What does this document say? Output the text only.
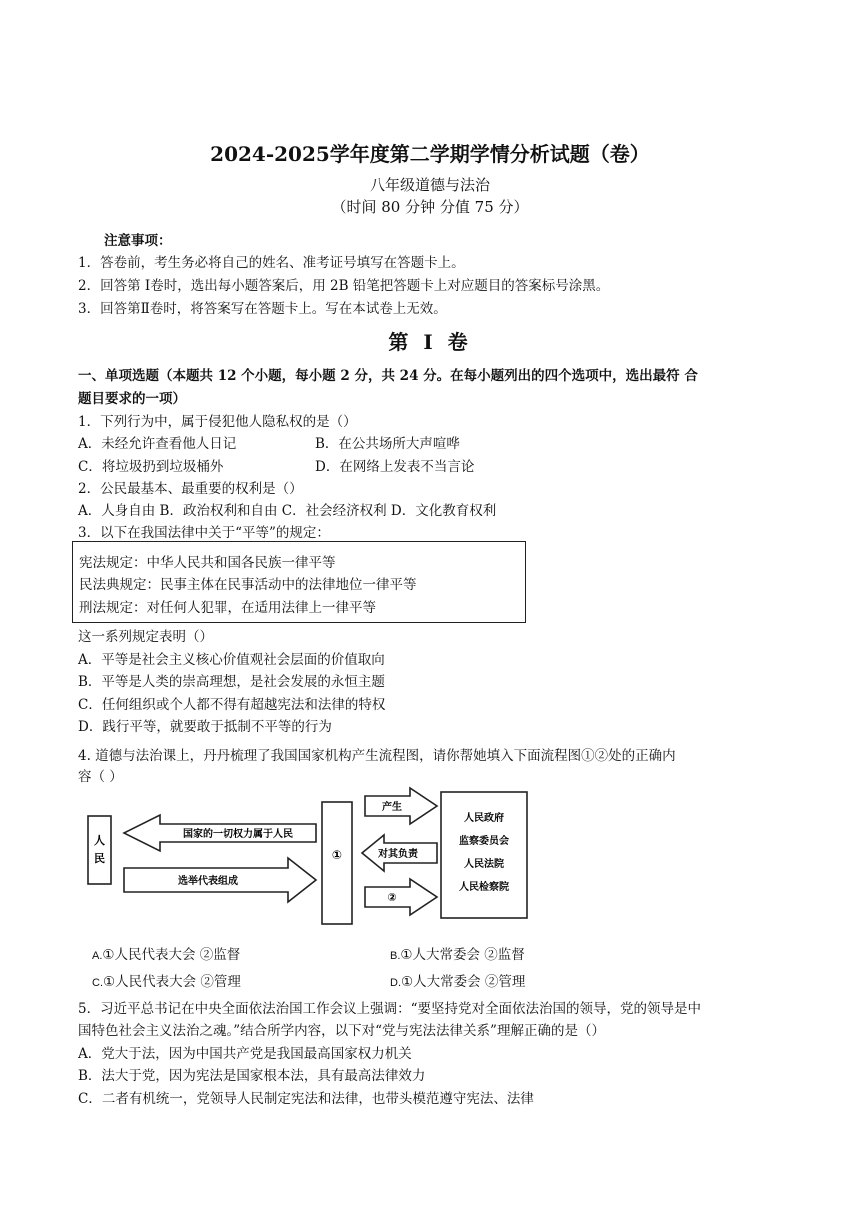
2024-2025学年度第二学期学情分析试题（卷）
八年级道德与法治
（时间 80 分钟 分值 75 分）
注意事项：
1．答卷前，考生务必将自己的姓名、准考证号填写在答题卡上。
2．回答第 Ⅰ卷时，选出每小题答案后，用 2B 铅笔把答题卡上对应题目的答案标号涂黑。
3．回答第Ⅱ卷时，将答案写在答题卡上。写在本试卷上无效。
第 Ⅰ 卷
一、单项选题（本题共 12 个小题，每小题 2 分，共 24 分。在每小题列出的四个选项中，选出最符 合
题目要求的一项）
1．下列行为中，属于侵犯他人隐私权的是（）
A．未经允许查看他人日记	B．在公共场所大声喧哗
C．将垃圾扔到垃圾桶外	D．在网络上发表不当言论
2．公民最基本、最重要的权利是（）
A．人身自由 B．政治权利和自由 C．社会经济权利 D．文化教育权利
3．以下在我国法律中关于“平等”的规定：
宪法规定：中华人民共和国各民族一律平等
民法典规定：民事主体在民事活动中的法律地位一律平等
刑法规定：对任何人犯罪，在适用法律上一律平等
这一系列规定表明（）
A．平等是社会主义核心价值观社会层面的价值取向
B．平等是人类的崇高理想，是社会发展的永恒主题
C．任何组织或个人都不得有超越宪法和法律的特权
D．践行平等，就要敢于抵制不平等的行为
4. 道德与法治课上，丹丹梳理了我国国家机构产生流程图，请你帮她填入下面流程图①②处的正确内
容（ ）
人
民
人民
国家的一切权力属于人民
选举代表组成
①
产生
对其负责
②
人民政府
监察委员会
人民法院
人民检察院
A.①人民代表大会 ②监督	B.①人大常委会 ②监督
C.①人民代表大会 ②管理	D.①人大常委会 ②管理
5．习近平总书记在中央全面依法治国工作会议上强调：“要坚持党对全面依法治国的领导，党的领导是中
国特色社会主义法治之魂。”结合所学内容，以下对“党与宪法法律关系”理解正确的是（）
A．党大于法，因为中国共产党是我国最高国家权力机关
B．法大于党，因为宪法是国家根本法，具有最高法律效力
C．二者有机统一，党领导人民制定宪法和法律，也带头模范遵守宪法、法律
